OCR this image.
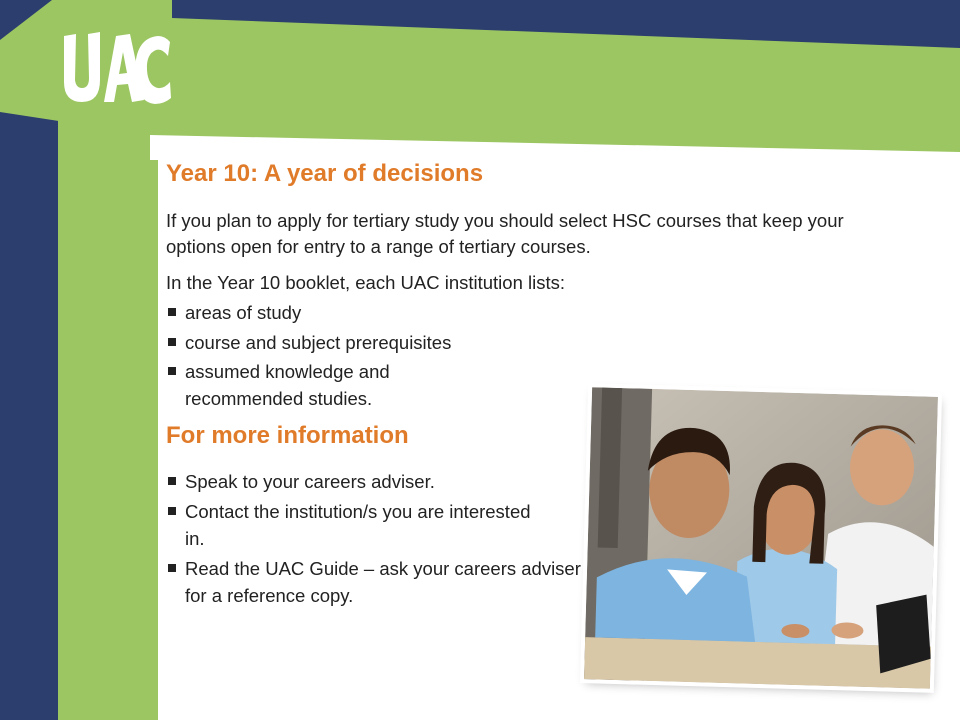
Year 10: A year of decisions

If you plan to apply for tertiary study you should select HSC courses that keep your options open for entry to a range of tertiary courses.

In the Year 10 booklet, each UAC institution lists:

areas of study
course and subject prerequisites
assumed knowledge and recommended studies.
For more information
Speak to your careers adviser.
Contact the institution/s you are interested in.
Read the UAC Guide – ask your careers adviser for a reference copy.
